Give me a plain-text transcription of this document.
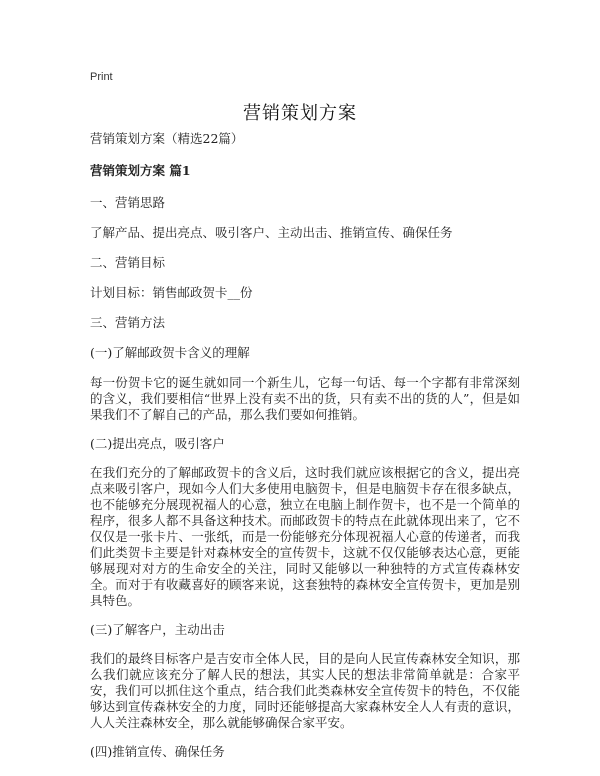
Print
营销策划方案

营销策划方案（精选22篇）

营销策划方案 篇1

一、营销思路

了解产品、提出亮点、吸引客户、主动出击、推销宣传、确保任务

二、营销目标

计划目标：销售邮政贺卡__份

三、营销方法

(一)了解邮政贺卡含义的理解

每一份贺卡它的诞生就如同一个新生儿，它每一句话、每一个字都有非常深刻的含义，我们要相信“世界上没有卖不出的货，只有卖不出的货的人”，但是如果我们不了解自己的产品，那么我们要如何推销。

(二)提出亮点，吸引客户

在我们充分的了解邮政贺卡的含义后，这时我们就应该根据它的含义，提出亮点来吸引客户，现如今人们大多使用电脑贺卡，但是电脑贺卡存在很多缺点，也不能够充分展现祝福人的心意，独立在电脑上制作贺卡，也不是一个简单的程序，很多人都不具备这种技术。而邮政贺卡的特点在此就体现出来了，它不仅仅是一张卡片、一张纸，而是一份能够充分体现祝福人心意的传递者，而我们此类贺卡主要是针对森林安全的宣传贺卡，这就不仅仅能够表达心意，更能够展现对对方的生命安全的关注，同时又能够以一种独特的方式宣传森林安全。而对于有收藏喜好的顾客来说，这套独特的森林安全宣传贺卡，更加是别具特色。

(三)了解客户，主动出击

我们的最终目标客户是吉安市全体人民，目的是向人民宣传森林安全知识，那么我们就应该充分了解人民的想法，其实人民的想法非常简单就是：合家平安，我们可以抓住这个重点，结合我们此类森林安全宣传贺卡的特色，不仅能够达到宣传森林安全的力度，同时还能够提高大家森林安全人人有责的意识，人人关注森林安全，那么就能够确保合家平安。

(四)推销宣传、确保任务
